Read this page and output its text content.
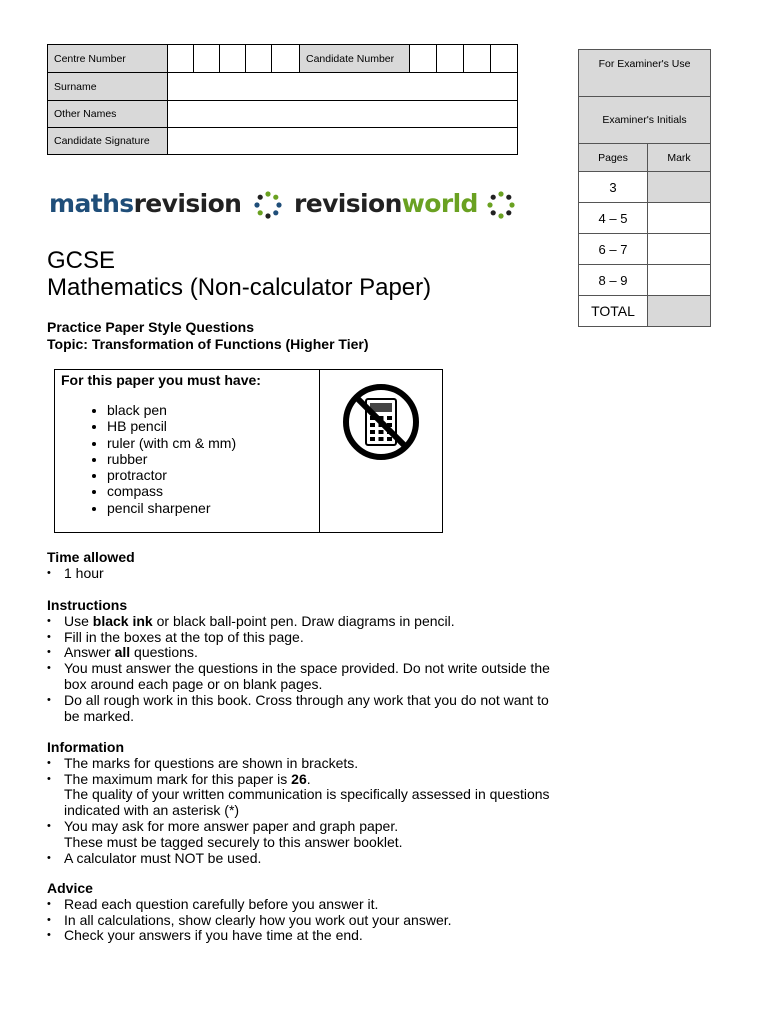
Centre Number						Candidate Number				
Surname										
Other Names										
Candidate Signature										
For Examiner's Use
Examiner's Initials
Pages	Mark
3
4 – 5
6 – 7
8 – 9
TOTAL
mathsrevision revisionworld
GCSE
Mathematics (Non-calculator Paper)
Practice Paper Style Questions
Topic: Transformation of Functions (Higher Tier)
For this paper you must have:
• black pen
• HB pencil
• ruler (with cm & mm)
• rubber
• protractor
• compass
• pencil sharpener
Time allowed
• 1 hour
Instructions
• Use black ink or black ball-point pen. Draw diagrams in pencil.
• Fill in the boxes at the top of this page.
• Answer all questions.
• You must answer the questions in the space provided. Do not write outside the
box around each page or on blank pages.
• Do all rough work in this book. Cross through any work that you do not want to
be marked.
Information
• The marks for questions are shown in brackets.
• The maximum mark for this paper is 26.
The quality of your written communication is specifically assessed in questions
indicated with an asterisk (*)
• You may ask for more answer paper and graph paper.
These must be tagged securely to this answer booklet.
• A calculator must NOT be used.
Advice
• Read each question carefully before you answer it.
• In all calculations, show clearly how you work out your answer.
• Check your answers if you have time at the end.
